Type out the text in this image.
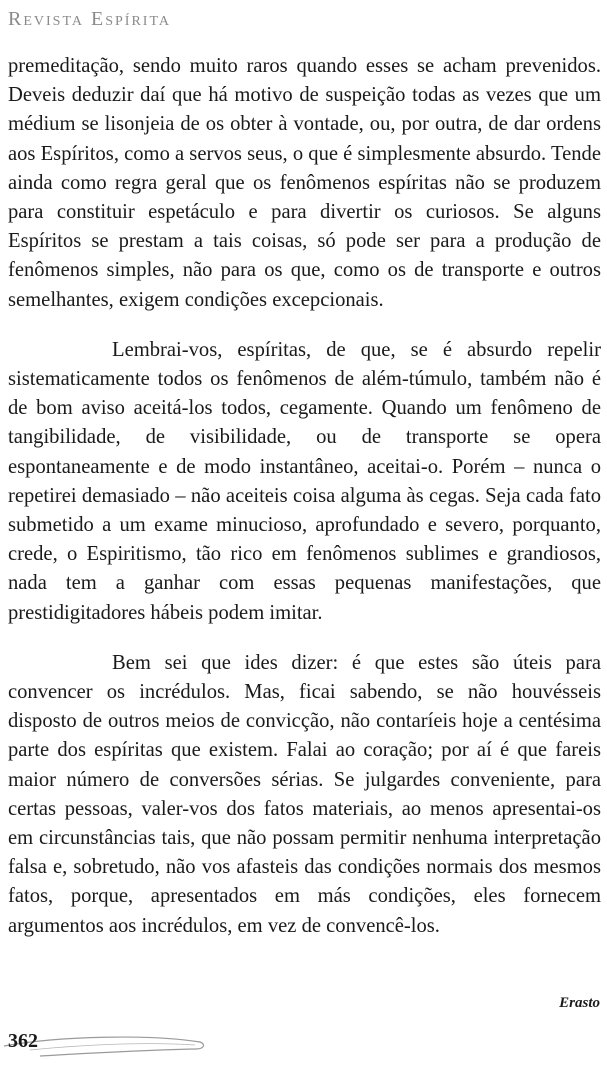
Revista Espírita

premeditação, sendo muito raros quando esses se acham prevenidos. Deveis deduzir daí que há motivo de suspeição todas as vezes que um médium se lisonjeia de os obter à vontade, ou, por outra, de dar ordens aos Espíritos, como a servos seus, o que é simplesmente absurdo. Tende ainda como regra geral que os fenômenos espíritas não se produzem para constituir espetáculo e para divertir os curiosos. Se alguns Espíritos se prestam a tais coisas, só pode ser para a produção de fenômenos simples, não para os que, como os de transporte e outros semelhantes, exigem condições excepcionais.

Lembrai-vos, espíritas, de que, se é absurdo repelir sistematicamente todos os fenômenos de além-túmulo, também não é de bom aviso aceitá-los todos, cegamente. Quando um fenômeno de tangibilidade, de visibilidade, ou de transporte se opera espontaneamente e de modo instantâneo, aceitai-o. Porém – nunca o repetirei demasiado – não aceiteis coisa alguma às cegas. Seja cada fato submetido a um exame minucioso, aprofundado e severo, porquanto, crede, o Espiritismo, tão rico em fenômenos sublimes e grandiosos, nada tem a ganhar com essas pequenas manifestações, que prestidigitadores hábeis podem imitar.

Bem sei que ides dizer: é que estes são úteis para convencer os incrédulos. Mas, ficai sabendo, se não houvésseis disposto de outros meios de convicção, não contaríeis hoje a centésima parte dos espíritas que existem. Falai ao coração; por aí é que fareis maior número de conversões sérias. Se julgardes conveniente, para certas pessoas, valer-vos dos fatos materiais, ao menos apresentai-os em circunstâncias tais, que não possam permitir nenhuma interpretação falsa e, sobretudo, não vos afasteis das condições normais dos mesmos fatos, porque, apresentados em más condições, eles fornecem argumentos aos incrédulos, em vez de convencê-los.

Erasto
362
